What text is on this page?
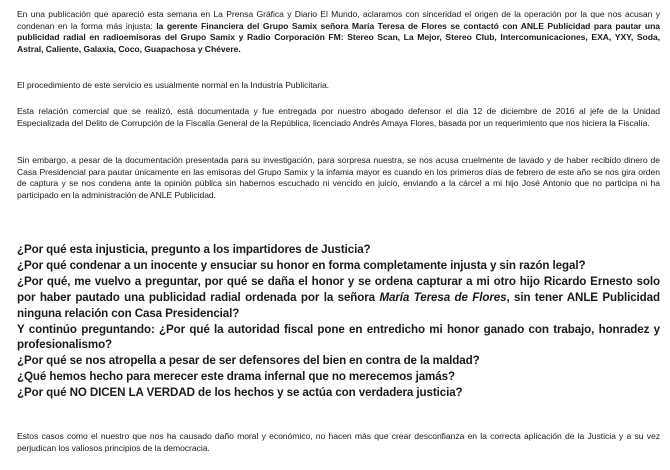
En una publicación que apareció esta semana en La Prensa Gráfica y Diario El Mundo, aclaramos con sinceridad el origen de la operación por la que nos acusan y condenan en la forma más injusta: la gerente Financiera del Grupo Samix señora María Teresa de Flores se contactó con ANLE Publicidad para pautar una publicidad radial en radioemisoras del Grupo Samix y Radio Corporación FM: Stereo Scan, La Mejor, Stereo Club, Intercomunicaciones, EXA, YXY, Soda, Astral, Caliente, Galaxia, Coco, Guapachosa y Chévere.

El procedimiento de este servicio es usualmente normal en la Industria Publicitaria.

Esta relación comercial que se realizó, está documentada y fue entregada por nuestro abogado defensor el día 12 de diciembre de 2016 al jefe de la Unidad Especializada del Delito de Corrupción de la Fiscalía General de la República, licenciado Andrés Amaya Flores, basada por un requerimiento que nos hiciera la Fiscalía.

Sin embargo, a pesar de la documentación presentada para su investigación, para sorpresa nuestra, se nos acusa cruelmente de lavado y de haber recibido dinero de Casa Presidencial para pautar únicamente en las emisoras del Grupo Samix y la infamia mayor es cuando en los primeros días de febrero de este año se nos gira orden de captura y se nos condena ante la opinión pública sin habernos escuchado ni vencido en juicio, enviando a la cárcel a mi hijo José Antonio que no participa ni ha participado en la administración de ANLE Publicidad.

¿Por qué esta injusticia, pregunto a los impartidores de Justicia?
¿Por qué condenar a un inocente y ensuciar su honor en forma completamente injusta y sin razón legal?
¿Por qué, me vuelvo a preguntar, por qué se daña el honor y se ordena capturar a mi otro hijo Ricardo Ernesto solo por haber pautado una publicidad radial ordenada por la señora María Teresa de Flores, sin tener ANLE Publicidad ninguna relación con Casa Presidencial?
Y continúo preguntando: ¿Por qué la autoridad fiscal pone en entredicho mi honor ganado con trabajo, honradez y profesionalismo?
¿Por qué se nos atropella a pesar de ser defensores del bien en contra de la maldad?
¿Qué hemos hecho para merecer este drama infernal que no merecemos jamás?
¿Por qué NO DICEN LA VERDAD de los hechos y se actúa con verdadera justicia?

Estos casos como el nuestro que nos ha causado daño moral y económico, no hacen más que crear desconfianza en la correcta aplicación de la Justicia y a su vez perjudican los valiosos principios de la democracia.
